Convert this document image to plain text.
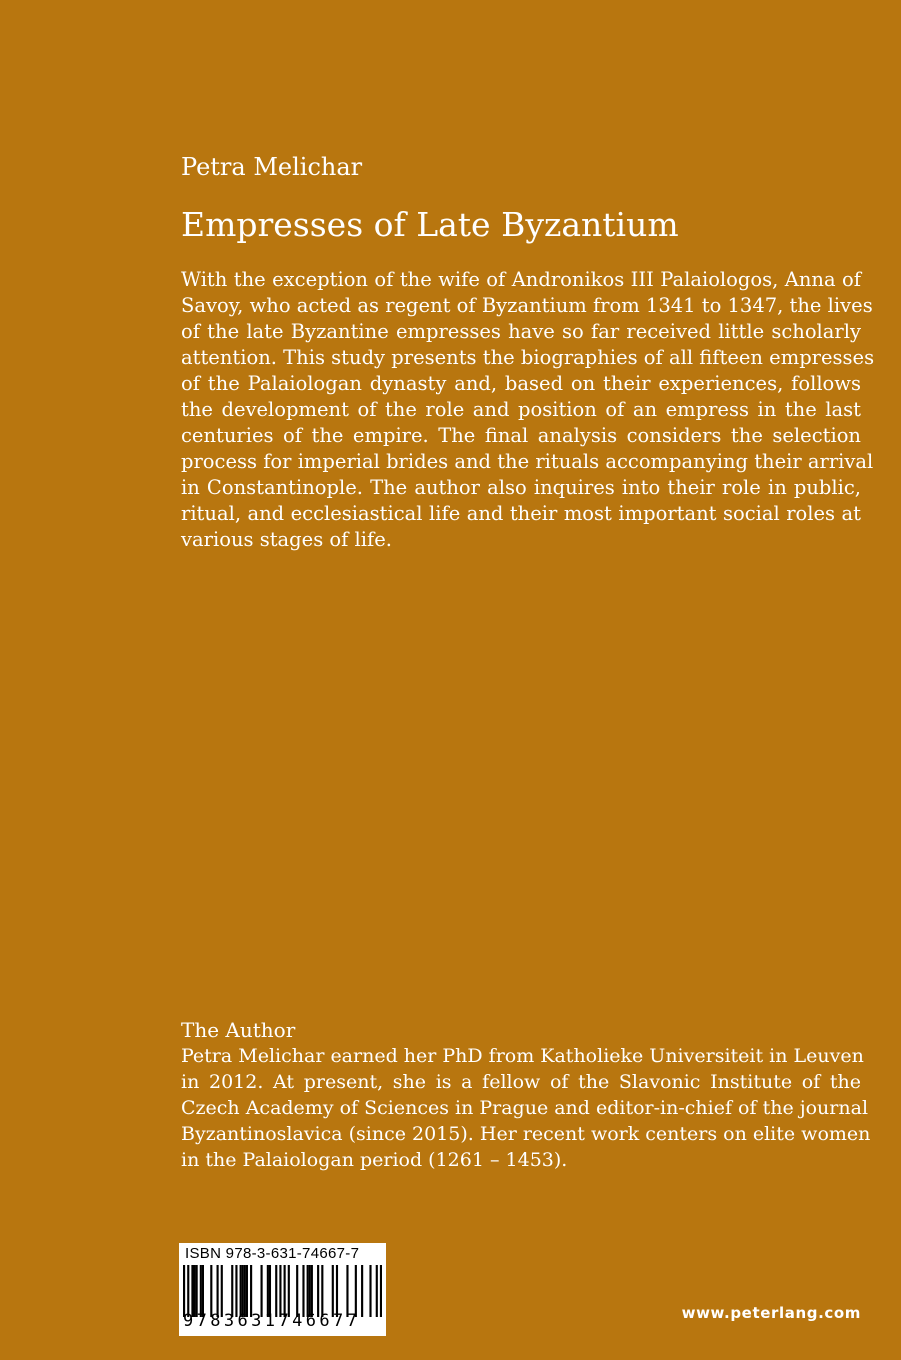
Petra Melichar
Empresses of Late Byzantium
With the exception of the wife of Andronikos III Palaiologos, Anna of
Savoy, who acted as regent of Byzantium from 1341 to 1347, the lives
of the late Byzantine empresses have so far received little scholarly
attention. This study presents the biographies of all fifteen empresses
of the Palaiologan dynasty and, based on their experiences, follows
the development of the role and position of an empress in the last
centuries of the empire. The final analysis considers the selection
process for imperial brides and the rituals accompanying their arrival
in Constantinople. The author also inquires into their role in public,
ritual, and ecclesiastical life and their most important social roles at
various stages of life.
The Author
Petra Melichar earned her PhD from Katholieke Universiteit in Leuven
in 2012. At present, she is a fellow of the Slavonic Institute of the
Czech Academy of Sciences in Prague and editor-in-chief of the journal
Byzantinoslavica (since 2015). Her recent work centers on elite women
in the Palaiologan period (1261 – 1453).
ISBN 978-3-631-74667-7
9783631746677	www.peterlang.com
